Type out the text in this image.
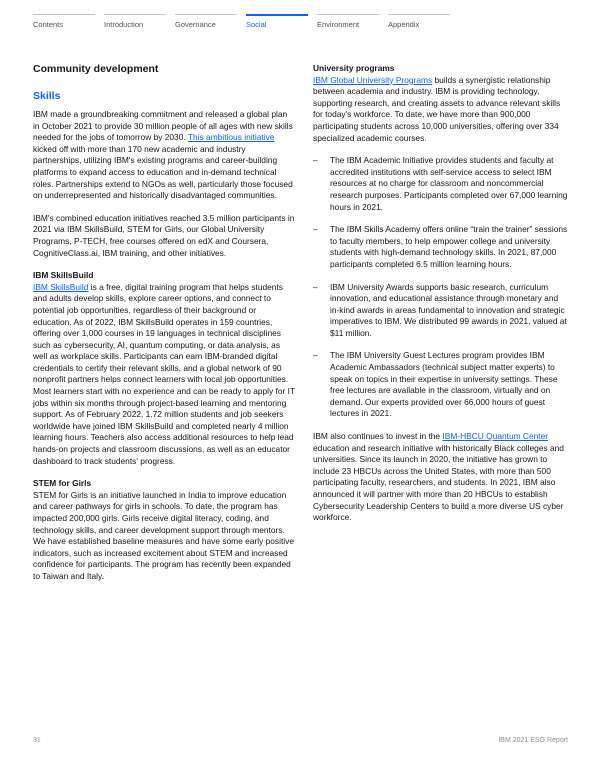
Contents	Introduction	Governance	Social	Environment	Appendix
Community development
Skills

IBM made a groundbreaking commitment and released a global plan in October 2021 to provide 30 million people of all ages with new skills needed for the jobs of tomorrow by 2030. This ambitious initiative kicked off with more than 170 new academic and industry partnerships, utilizing IBM's existing programs and career-building platforms to expand access to education and in-demand technical roles. Partnerships extend to NGOs as well, particularly those focused on underrepresented and historically disadvantaged communities.

IBM's combined education initiatives reached 3.5 million participants in 2021 via IBM SkillsBuild, STEM for Girls, our Global University Programs, P-TECH, free courses offered on edX and Coursera, CognitiveClass.ai, IBM training, and other initiatives.

IBM SkillsBuild

IBM SkillsBuild is a free, digital training program that helps students and adults develop skills, explore career options, and connect to potential job opportunities, regardless of their background or education. As of 2022, IBM SkillsBuild operates in 159 countries, offering over 1,000 courses in 19 languages in technical disciplines such as cybersecurity, AI, quantum computing, or data analysis, as well as workplace skills. Participants can earn IBM-branded digital credentials to certify their relevant skills, and a global network of 90 nonprofit partners helps connect learners with local job opportunities. Most learners start with no experience and can be ready to apply for IT jobs within six months through project-based learning and mentoring support. As of February 2022, 1.72 million students and job seekers worldwide have joined IBM SkillsBuild and completed nearly 4 million learning hours. Teachers also access additional resources to help lead hands-on projects and classroom discussions, as well as an educator dashboard to track students' progress.

STEM for Girls

STEM for Girls is an initiative launched in India to improve education and career pathways for girls in schools. To date, the program has impacted 200,000 girls. Girls receive digital literacy, coding, and technology skills, and career development support through mentors. We have established baseline measures and have some early positive indicators, such as increased excitement about STEM and increased confidence for participants. The program has recently been expanded to Taiwan and Italy.

University programs

IBM Global University Programs builds a synergistic relationship between academia and industry. IBM is providing technology, supporting research, and creating assets to advance relevant skills for today's workforce. To date, we have more than 900,000 participating students across 10,000 universities, offering over 334 specialized academic courses.

–	The IBM Academic Initiative provides students and faculty at accredited institutions with self-service access to select IBM resources at no charge for classroom and noncommercial research purposes. Participants completed over 67,000 learning hours in 2021.
–	The IBM Skills Academy offers online “train the trainer” sessions to faculty members, to help empower college and university students with high-demand technology skills. In 2021, 87,000 participants completed 6.5 million learning hours.
–	IBM University Awards supports basic research, curriculum innovation, and educational assistance through monetary and in-kind awards in areas fundamental to innovation and strategic imperatives to IBM. We distributed 99 awards in 2021, valued at $11 million.
–	The IBM University Guest Lectures program provides IBM Academic Ambassadors (technical subject matter experts) to speak on topics in their expertise in university settings. These free lectures are available in the classroom, virtually and on demand. Our experts provided over 66,000 hours of guest lectures in 2021.

IBM also continues to invest in the IBM-HBCU Quantum Center education and research initiative with historically Black colleges and universities. Since its launch in 2020, the initiative has grown to include 23 HBCUs across the United States, with more than 500 participating faculty, researchers, and students. In 2021, IBM also announced it will partner with more than 20 HBCUs to establish Cybersecurity Leadership Centers to build a more diverse US cyber workforce.

31	IBM 2021 ESG Report
